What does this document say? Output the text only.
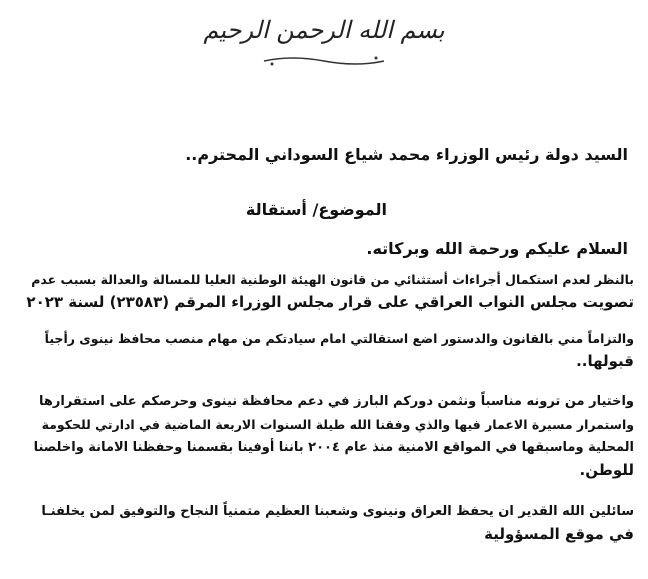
بسم الله الرحمن الرحيم
السيد دولة رئيس الوزراء محمد شياع السوداني المحترم..
الموضوع/ أستقالة
السلام عليكم ورحمة الله وبركاته.
بالنظر لعدم استكمال أجراءات أستثنائي من قانون الهيئة الوطنية العليا للمسالة والعدالة بسبب عدم
تصويت مجلس النواب العراقي على قرار مجلس الوزراء المرقم (٢٣٥٨٣) لسنة ٢٠٢٣
والتزاماً مني بالقانون والدستور اضع استقالتي امام سيادتكم من مهام منصب محافظ نينوى رأجياً
قبولها..
واختيار من ترونه مناسباً ونثمن دوركم البارز في دعم محافظة نينوى وحرصكم على استقرارها
واستمرار مسيرة الاعمار فيها والذي وفقنا الله طيلة السنوات الاربعة الماضية في ادارتي للحكومة
المحلية وماسبقها في المواقع الامنية منذ عام ٢٠٠٤ باننا أوفينا بقسمنا وحفظنا الامانة واخلصنا
للوطن.
سائلين الله القدير ان يحفظ العراق ونينوى وشعبنا العظيم متمنياً النجاح والتوفيق لمن يخلفنـا
في موقع المسؤولية
